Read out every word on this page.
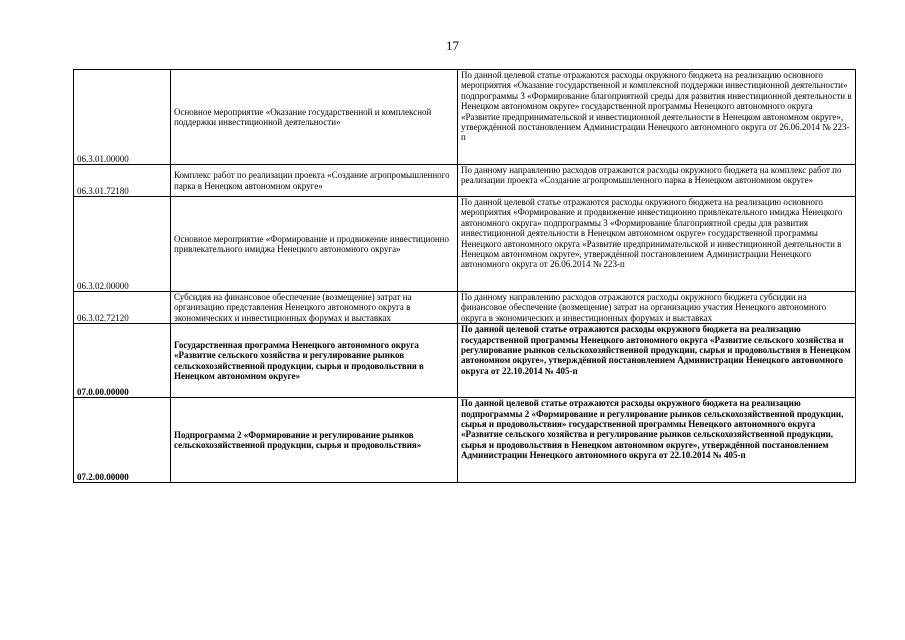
17
06.3.01.00000	Основное мероприятие «Оказание государственной и комплексной поддержки инвестиционной деятельности»	По данной целевой статье отражаются расходы окружного бюджета на реализацию основного мероприятия «Оказание государственной и комплексной поддержки инвестиционной деятельности» подпрограммы 3 «Формирование благоприятной среды для развития инвестиционной деятельности в Ненецком автономном округе» государственной программы Ненецкого автономного округа «Развитие предпринимательской и инвестиционной деятельности в Ненецком автономном округе», утверждённой постановлением Администрации Ненецкого автономного округа от 26.06.2014 № 223-п
06.3.01.72180	Комплекс работ по реализации проекта «Создание агропромышленного парка в Ненецком автономном округе»	По данному направлению расходов отражаются расходы окружного бюджета на комплекс работ по реализации проекта «Создание агропромышленного парка в Ненецком автономном округе»
06.3.02.00000	Основное мероприятие «Формирование и продвижение инвестиционно привлекательного имиджа Ненецкого автономного округа»	По данной целевой статье отражаются расходы окружного бюджета на реализацию основного мероприятия «Формирование и продвижение инвестиционно привлекательного имиджа Ненецкого автономного округа» подпрограммы 3 «Формирование благоприятной среды для развития инвестиционной деятельности в Ненецком автономном округе» государственной программы Ненецкого автономного округа «Развитие предпринимательской и инвестиционной деятельности в Ненецком автономном округе», утверждённой постановлением Администрации Ненецкого автономного округа от 26.06.2014 № 223-п
06.3.02.72120	Субсидия на финансовое обеспечение (возмещение) затрат на организацию представления Ненецкого автономного округа в экономических и инвестиционных форумах и выставках	По данному направлению расходов отражаются расходы окружного бюджета субсидии на финансовое обеспечение (возмещение) затрат на организацию участия Ненецкого автономного округа в экономических и инвестиционных форумах и выставках
07.0.00.00000	Государственная программа Ненецкого автономного округа «Развитие сельского хозяйства и регулирование рынков сельскохозяйственной продукции, сырья и продовольствия в Ненецком автономном округе»	По данной целевой статье отражаются расходы окружного бюджета на реализацию государственной программы Ненецкого автономного округа «Развитие сельского хозяйства и регулирование рынков сельскохозяйственной продукции, сырья и продовольствия в Ненецком автономном округе», утверждённой постановлением Администрации Ненецкого автономного округа от 22.10.2014 № 405-п
07.2.00.00000	Подпрограмма 2 «Формирование и регулирование рынков сельскохозяйственной продукции, сырья и продовольствия»	По данной целевой статье отражаются расходы окружного бюджета на реализацию подпрограммы 2 «Формирование и регулирование рынков сельскохозяйственной продукции, сырья и продовольствия» государственной программы Ненецкого автономного округа «Развитие сельского хозяйства и регулирование рынков сельскохозяйственной продукции, сырья и продовольствия в Ненецком автономном округе», утверждённой постановлением Администрации Ненецкого автономного округа от 22.10.2014 № 405-п
